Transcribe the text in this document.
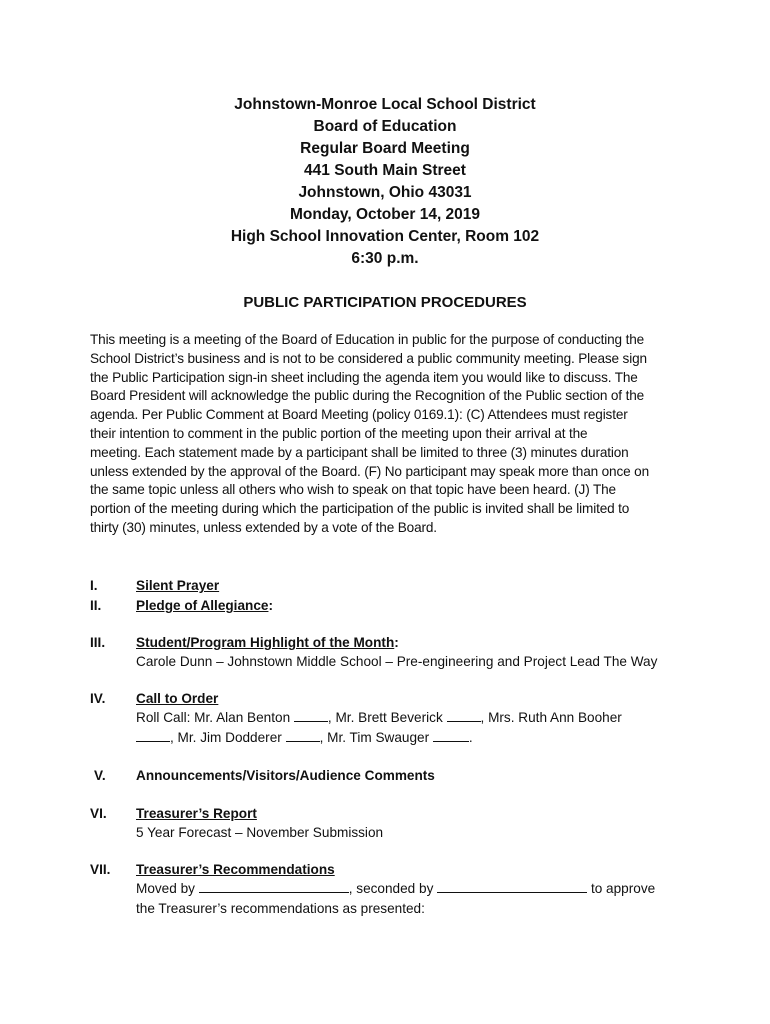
Johnstown-Monroe Local School District
Board of Education
Regular Board Meeting
441 South Main Street
Johnstown, Ohio 43031
Monday, October 14, 2019
High School Innovation Center, Room 102
6:30 p.m.
PUBLIC PARTICIPATION PROCEDURES
This meeting is a meeting of the Board of Education in public for the purpose of conducting the
School District’s business and is not to be considered a public community meeting. Please sign
the Public Participation sign-in sheet including the agenda item you would like to discuss. The
Board President will acknowledge the public during the Recognition of the Public section of the
agenda. Per Public Comment at Board Meeting (policy 0169.1): (C) Attendees must register
their intention to comment in the public portion of the meeting upon their arrival at the
meeting. Each statement made by a participant shall be limited to three (3) minutes duration
unless extended by the approval of the Board. (F) No participant may speak more than once on
the same topic unless all others who wish to speak on that topic have been heard. (J) The
portion of the meeting during which the participation of the public is invited shall be limited to
thirty (30) minutes, unless extended by a vote of the Board.
I.	Silent Prayer
II.	Pledge of Allegiance:
III. Student/Program Highlight of the Month:
Carole Dunn – Johnstown Middle School – Pre-engineering and Project Lead The Way
IV. Call to Order
Roll Call: Mr. Alan Benton	, Mr. Brett Beverick	, Mrs. Ruth Ann Booher
, Mr. Jim Dodderer	, Mr. Tim Swauger	.
V. Announcements/Visitors/Audience Comments
VI. Treasurer’s Report
5 Year Forecast – November Submission
VII. Treasurer’s Recommendations
Moved by	, seconded by	to approve
the Treasurer’s recommendations as presented:
